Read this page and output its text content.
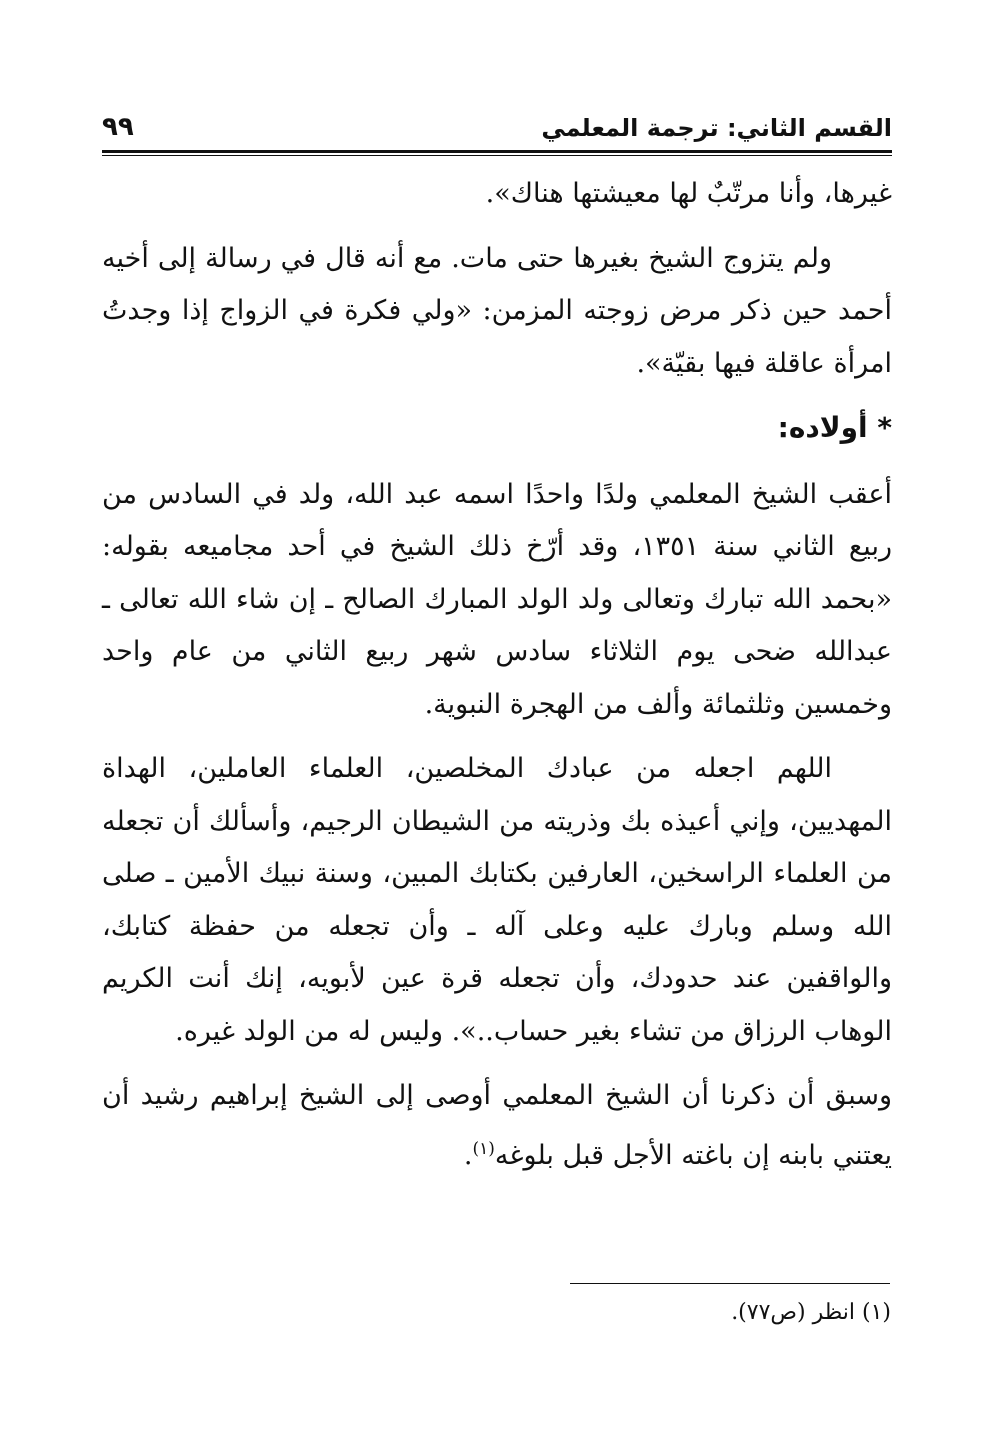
القسم الثاني: ترجمة المعلمي
٩٩

غيرها، وأنا مرتّبٌ لها معيشتها هناك».

ولم يتزوج الشيخ بغيرها حتى مات. مع أنه قال في رسالة إلى أخيه أحمد حين ذكر مرض زوجته المزمن: «ولي فكرة في الزواج إذا وجدتُ امرأة عاقلة فيها بقيّة».

* أولاده:

أعقب الشيخ المعلمي ولدًا واحدًا اسمه عبد الله، ولد في السادس من ربيع الثاني سنة ١٣٥١، وقد أرّخ ذلك الشيخ في أحد مجاميعه بقوله: «بحمد الله تبارك وتعالى ولد الولد المبارك الصالح ـ إن شاء الله تعالى ـ عبدالله ضحى يوم الثلاثاء سادس شهر ربيع الثاني من عام واحد وخمسين وثلثمائة وألف من الهجرة النبوية.

اللهم اجعله من عبادك المخلصين، العلماء العاملين، الهداة المهديين، وإني أعيذه بك وذريته من الشيطان الرجيم، وأسألك أن تجعله من العلماء الراسخين، العارفين بكتابك المبين، وسنة نبيك الأمين ـ صلى الله وسلم وبارك عليه وعلى آله ـ وأن تجعله من حفظة كتابك، والواقفين عند حدودك، وأن تجعله قرة عين لأبويه، إنك أنت الكريم الوهاب الرزاق من تشاء بغير حساب..». وليس له من الولد غيره.

وسبق أن ذكرنا أن الشيخ المعلمي أوصى إلى الشيخ إبراهيم رشيد أن يعتني بابنه إن باغته الأجل قبل بلوغه$^{(١)}$.

(١) انظر (ص٧٧).
